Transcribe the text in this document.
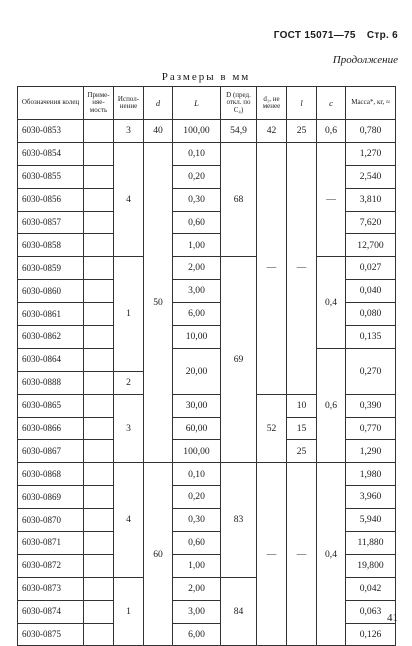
ГОСТ 15071—75 Стр. 6
Продолжение
Размеры в мм
Обозначения колец	Приме- няе- мость	Испол- нение	d	L	D (пред. откл. по C₄)	d₁, не менее	l	c	Масса*, кг, ≈
6030-0853		3	40	100,00	54,9	42	25	0,6	0,780
6030-0854		4	50	0,10	68	—	—	—	1,270
6030-0855				0,20					2,540
6030-0856				0,30					3,810
6030-0857				0,60					7,620
6030-0858				1,00					12,700
6030-0859		1		2,00	69			0,4	0,027
6030-0860				3,00					0,040
6030-0861				6,00					0,080
6030-0862				10,00					0,135
6030-0864				20,00				0,6	0,270
6030-0888		2							
6030-0865		3		30,00		52	10		0,390
6030-0866				60,00			15		0,770
6030-0867				100,00			25		1,290
6030-0868		4	60	0,10	83	—	—	0,4	1,980
6030-0869				0,20					3,960
6030-0870				0,30					5,940
6030-0871				0,60					11,880
6030-0872				1,00					19,800
6030-0873		1		2,00	84				0,042
6030-0874				3,00					0,063
6030-0875				6,00					0,126
41
